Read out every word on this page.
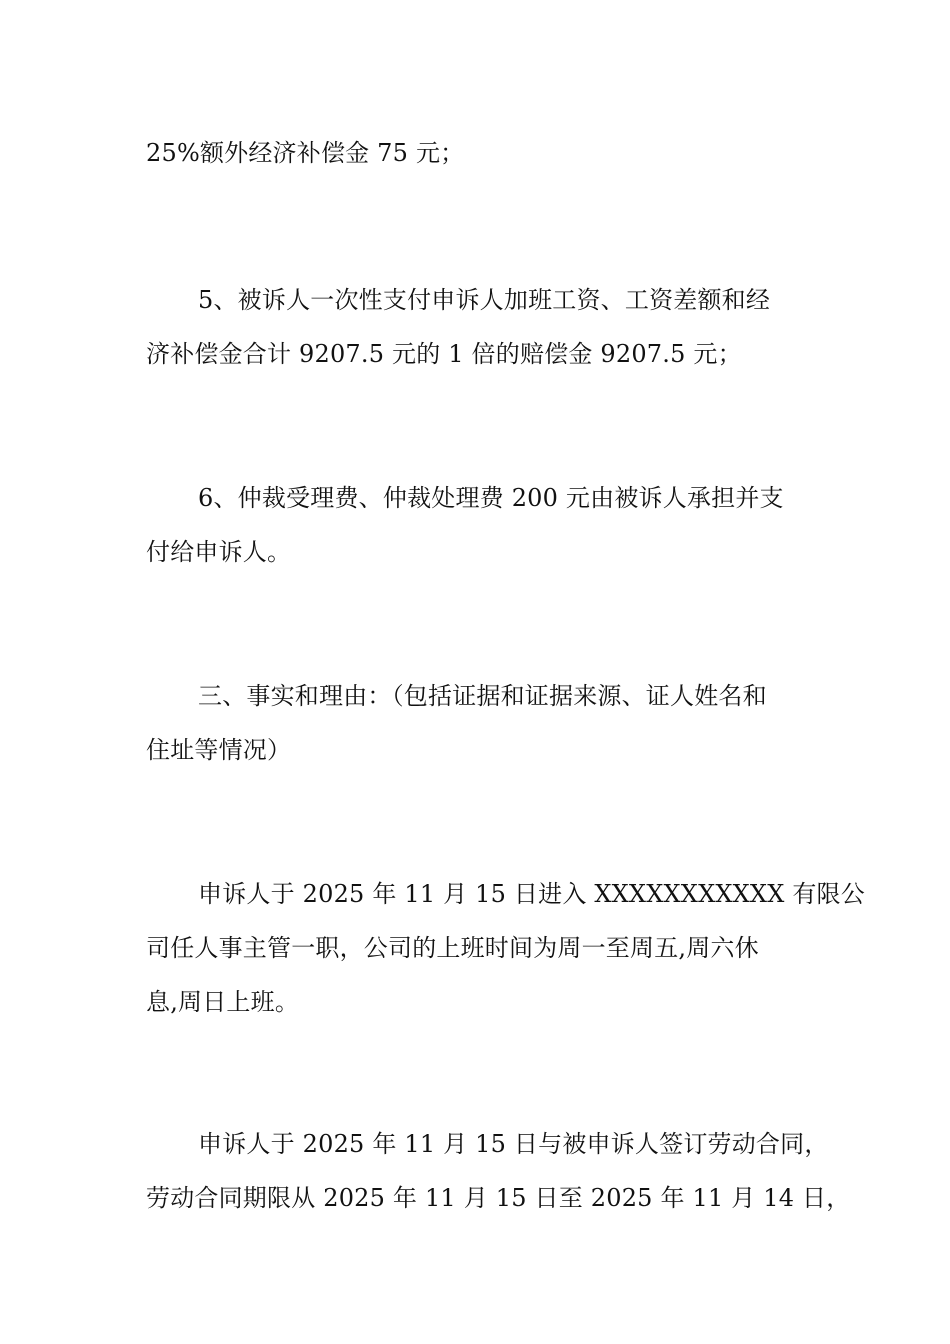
25%额外经济补偿金 75 元；
5、被诉人一次性支付申诉人加班工资、工资差额和经
济补偿金合计 9207.5 元的 1 倍的赔偿金 9207.5 元；
6、仲裁受理费、仲裁处理费 200 元由被诉人承担并支
付给申诉人。
三、事实和理由：（包括证据和证据来源、证人姓名和
住址等情况）
申诉人于 2025 年 11 月 15 日进入 XXXXXXXXXXX 有限公
司任人事主管一职，公司的上班时间为周一至周五,周六休
息,周日上班。
申诉人于 2025 年 11 月 15 日与被申诉人签订劳动合同，
劳动合同期限从 2025 年 11 月 15 日至 2025 年 11 月 14 日，
